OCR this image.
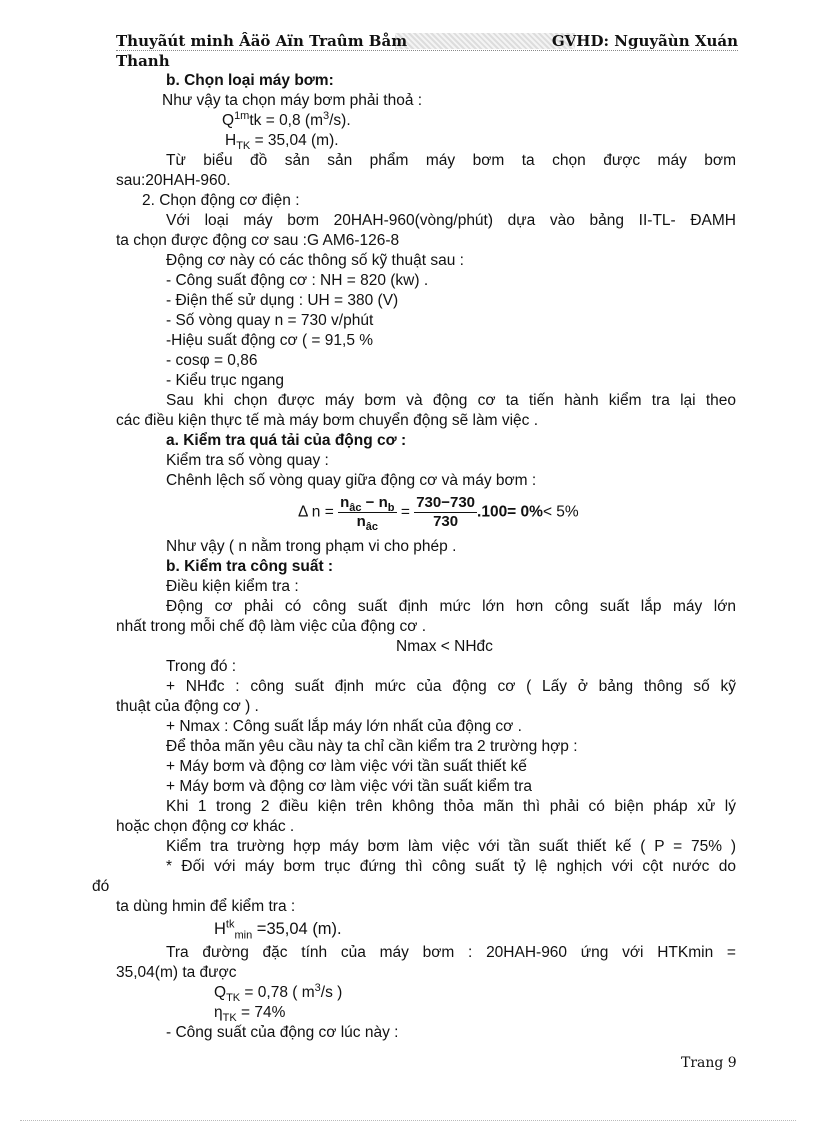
Thuyãút minh Âäö Aïn Traûm Båm	GVHD: Nguyãùn Xuán
Thanh
b. Chọn loại máy bơm:
Như vậy ta chọn máy bơm phải thoả :
$Q^{1m}tk = 0,8$ $(m^3/s)$.
$H_{TK} = 35,04$ (m).
Từ biểu đồ sản sản phẩm máy bơm ta chọn được máy bơm
sau:20HAH-960.
2. Chọn động cơ điện :
Với loại máy bơm 20HAH-960(vòng/phút) dựa vào bảng II-TL- ĐAMH
ta chọn được động cơ sau :G AM6-126-8
Động cơ này có các thông số kỹ thuật sau :
- Công suất động cơ : NH = 820 (kw) .
- Điện thế sử dụng : UH = 380 (V)
- Số vòng quay n = 730 v/phút
-Hiệu suất động cơ ( = 91,5 %
- cosφ = 0,86
- Kiểu trục ngang
Sau khi chọn được máy bơm và động cơ ta tiến hành kiểm tra lại theo
các điều kiện thực tế mà máy bơm chuyển động sẽ làm việc .
a. Kiểm tra quá tải của động cơ :
Kiểm tra số vòng quay :
Chênh lệch số vòng quay giữa động cơ và máy bơm :
Δ $n = \frac{n_{âc} - n_b}{n_{âc}} = \frac{730-730}{730} .100= 0\%< 5\%$
Như vậy ( n nằm trong phạm vi cho phép .
b. Kiểm tra công suất :
Điều kiện kiểm tra :
Động cơ phải có công suất định mức lớn hơn công suất lắp máy lớn
nhất trong mỗi chế độ làm việc của động cơ .
Nmax < NHđc
Trong đó :
+ NHđc : công suất định mức của động cơ ( Lấy ở bảng thông số kỹ
thuật của động cơ ) .
+ Nmax : Công suất lắp máy lớn nhất của động cơ .
Để thỏa mãn yêu cầu này ta chỉ cần kiểm tra 2 trường hợp :
+ Máy bơm và động cơ làm việc với tần suất thiết kế
+ Máy bơm và động cơ làm việc với tần suất kiểm tra
Khi 1 trong 2 điều kiện trên không thỏa mãn thì phải có biện pháp xử lý
hoặc chọn động cơ khác .
Kiểm tra trường hợp máy bơm làm việc với tần suất thiết kế ( P = 75% )
* Đối với máy bơm trục đứng thì công suất tỷ lệ nghịch với cột nước do
đó
ta dùng hmin để kiểm tra :
$H^{tk}_{min} =35,04$ (m).
Tra đường đặc tính của máy bơm : 20HAH-960 ứng với HTKmin =
35,04(m) ta được
$Q_{TK} = 0,78$ ( $m^3/s$ )
$\eta_{TK} = 74\%$
- Công suất của động cơ lúc này :
Trang 9
